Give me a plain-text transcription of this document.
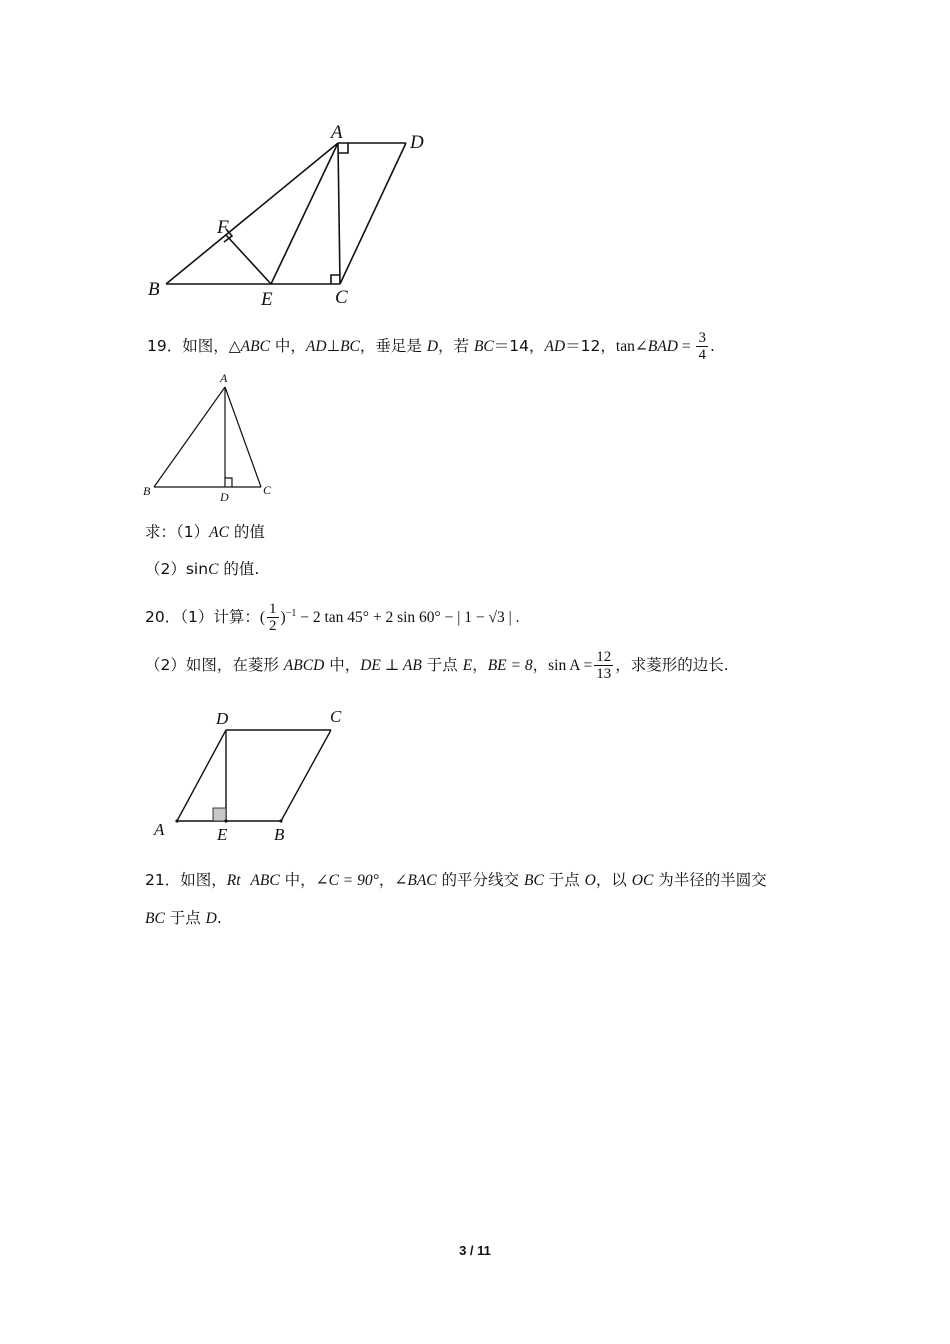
A	D
F
B	E	C
19．如图，△ABC 中，AD⊥BC，垂足是 D，若 BC＝14，AD＝12，tan∠BAD = $\frac{3}{4}$ .
A
B	D	C
求：（1）AC 的值
（2）sinC 的值.
20．（1）计算：( $\frac{1}{2} )^{-1} - 2$ tan 45° + 2 sin 60° − | 1 − √3 | .
（2）如图，在菱形 ABCD 中，DE ⊥ AB 于点 E，BE = 8，$\sin A = \frac{12}{13}$ ，求菱形的边长.
D	C
A	E	B
21．如图，Rt ABC 中，∠C = 90°，∠BAC 的平分线交 BC 于点 O，以 OC 为半径的半圆交
BC 于点 D.
3 / 11
